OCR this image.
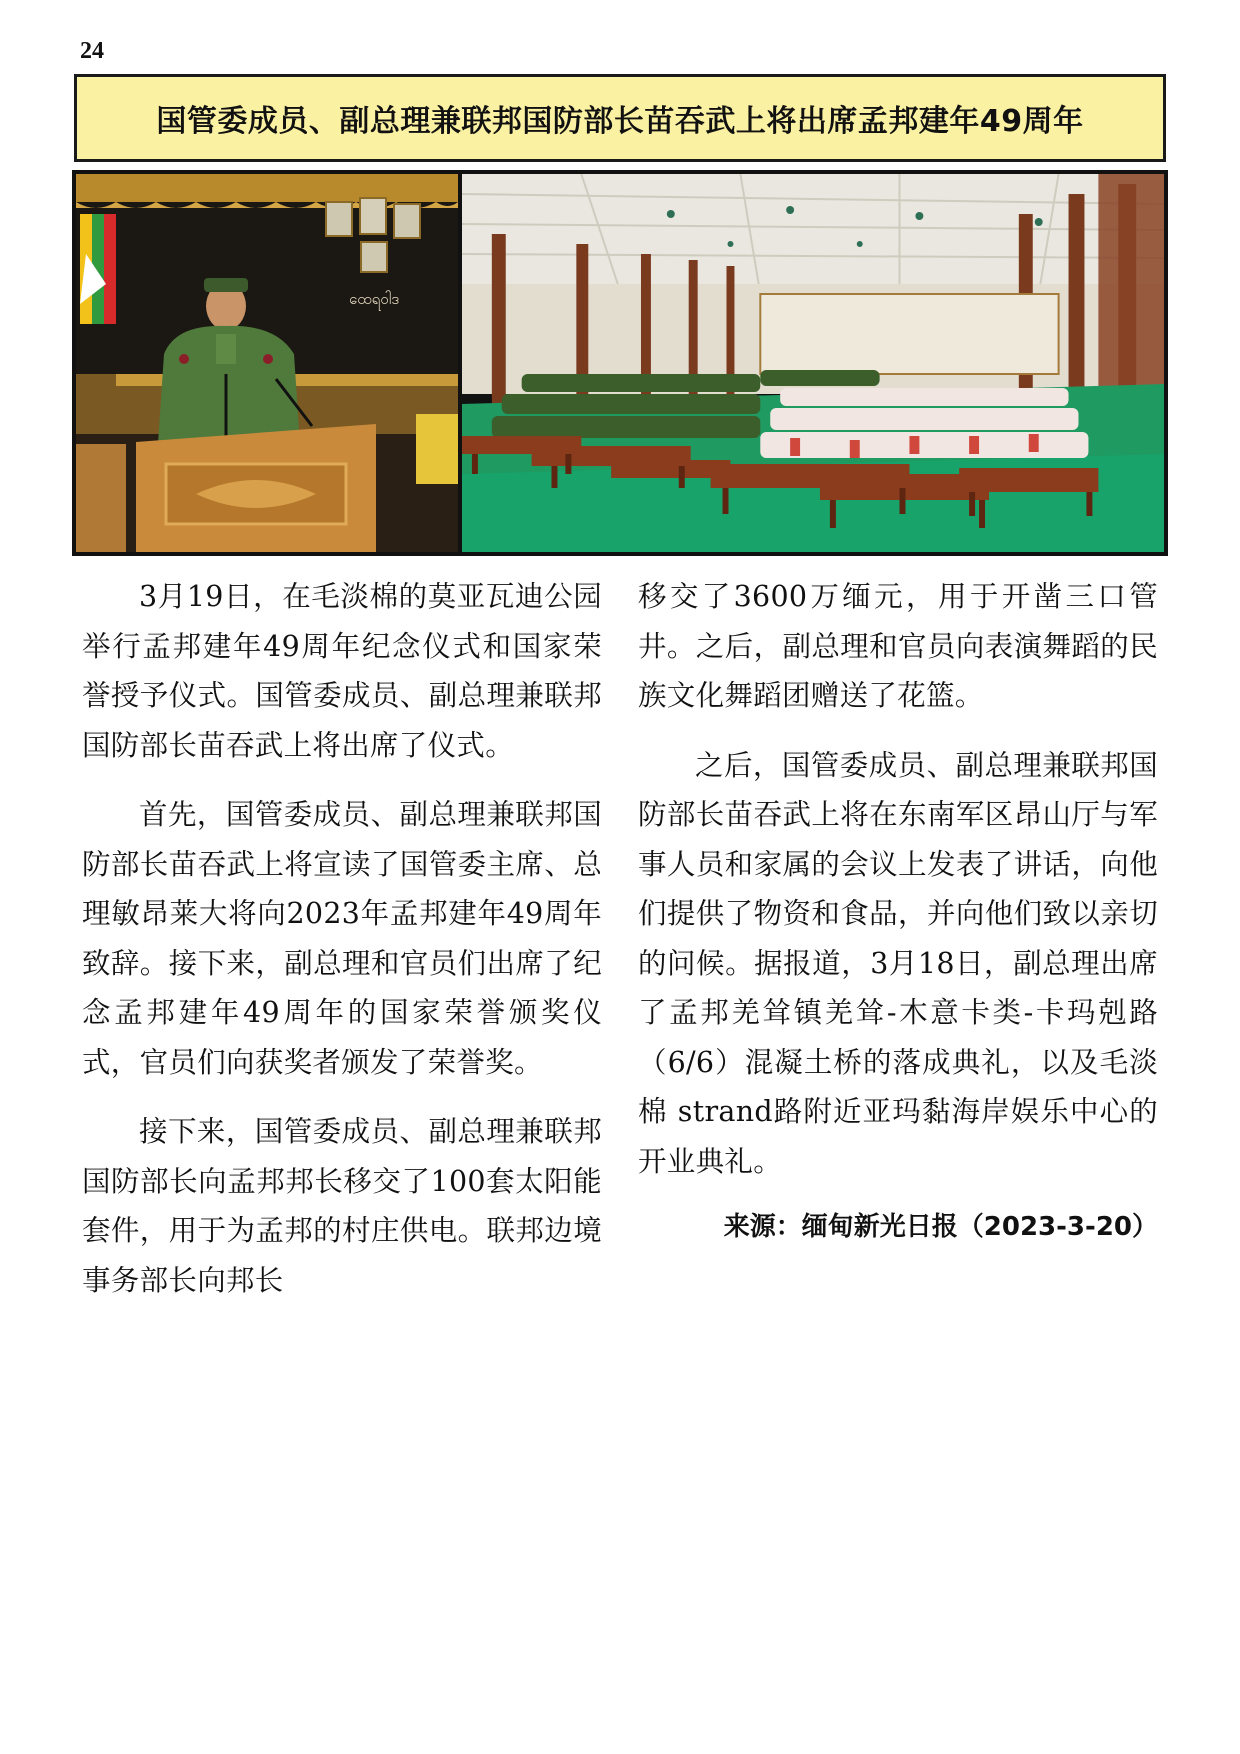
24
国管委成员、副总理兼联邦国防部长苗吞武上将出席孟邦建年49周年
ထေရဝါဒ

3月19日，在毛淡棉的莫亚瓦迪公园举行孟邦建年49周年纪念仪式和国家荣誉授予仪式。国管委成员、副总理兼联邦国防部长苗吞武上将出席了仪式。

首先，国管委成员、副总理兼联邦国防部长苗吞武上将宣读了国管委主席、总理敏昂莱大将向2023年孟邦建年49周年致辞。接下来，副总理和官员们出席了纪念孟邦建年49周年的国家荣誉颁奖仪式，官员们向获奖者颁发了荣誉奖。

接下来，国管委成员、副总理兼联邦国防部长向孟邦邦长移交了100套太阳能套件，用于为孟邦的村庄供电。联邦边境事务部长向邦长

移交了3600万缅元，用于开凿三口管井。之后，副总理和官员向表演舞蹈的民族文化舞蹈团赠送了花篮。

之后，国管委成员、副总理兼联邦国防部长苗吞武上将在东南军区昂山厅与军事人员和家属的会议上发表了讲话，向他们提供了物资和食品，并向他们致以亲切的问候。据报道，3月18日，副总理出席了孟邦羌耸镇羌耸-木意卡类-卡玛剋路（6/6）混凝土桥的落成典礼，以及毛淡棉 strand路附近亚玛黏海岸娱乐中心的开业典礼。

来源：缅甸新光日报（2023-3-20）
